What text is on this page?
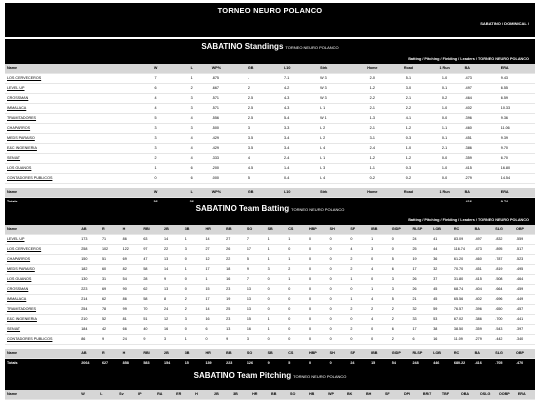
TORNEO NEURO POLANCO
SABATINO / DOMINICAL /
SABATINO Standings TORNEO NEURO POLANCO
Batting / Pitching / Fielding / Leaders / TORNEO NEURO POLANCO
Name	W	L	WP%	GB	L10	Strk	Home	Road	1 Run	BA	ERA
LOS CERVECEROS	7	1	.875	-	7-1	W 3	2-0	5-1	1-0	.473	9.43
LEVEL UP	6	2	.667	2	4-2	W 3	1-2	3-0	0-1	.497	6.55
CROSSMAN	4	3	.571	2.5	4-3	W 3	2-2	2-1	0-2	.464	6.59
IMMALACA	4	3	.571	2.5	4-3	L 1	2-1	2-2	1-0	.402	10.33
TRAMITADORES	5	4	.556	2.5	5-4	W 1	1-3	4-1	0-0	.396	9.36
CHAPARROS	3	3	.500	3	3-3	L 2	2-1	1-2	1-1	.460	11.06
MEDS PARAISO	3	4	.429	3.5	3-4	L 2	3-1	0-3	0-1	.451	9.39
E&C INGENIERIA	3	4	.429	3.5	3-4	L 4	2-4	1-0	2-1	.386	9.70
SENIAT	2	4	.333	4	2-4	L 1	1-2	1-2	0-0	.359	6.70
LOS GUANOS	1	6	.200	4.5	1-4	L 3	1-1	0-3	1-0	.415	16.80
CONTADORES PUBLICOS	0	6	.000	5	0-4	L 4	0-2	0-2	0-0	.279	14.54

Name	W	L	WP%	GB	L10	Strk	Home	Road	1 Run	BA	ERA

SABATINO Team Batting TORNEO NEURO POLANCO
Batting / Pitching / Fielding / Leaders / TORNEO NEURO POLANCO
Name	AB	R	H	RBI	2B	3B	HR	BB	SO	SB	CS	HBP	SH	SF	IBB	GIDP	RLSP	LOB	RC	BA	SLG	OBP
LEVEL UP	173	71	86	63	14	1	14	27	7	1	1	0	0	0	1	0	24	41	83.09	.497	.832	.559
LOS CERVECEROS	258	102	122	97	22	3	27	26	17	1	0	0	0	4	3	0	25	44	116.74	.473	.895	.517
CHAPARROS	150	51	69	47	13	0	12	22	5	1	1	0	0	2	0	5	19	36	61.20	.460	.787	.523
MEDS PARAISO	182	60	82	58	14	1	17	18	9	3	2	0	0	2	4	6	17	32	70.70	.451	.819	.495
LOS GUANOS	130	31	54	28	9	0	1	16	7	0	1	0	0	1	0	3	26	37	31.80	.415	.508	.464
CROSSMAN	223	69	90	62	13	0	15	23	13	0	0	0	0	0	1	3	26	45	68.74	.404	.664	.459
IMMALACA	214	62	86	58	8	2	17	19	13	0	0	0	0	1	4	5	21	45	65.56	.402	.696	.449
TRAMITADORES	254	78	99	70	24	2	14	25	13	0	0	0	0	2	2	2	32	59	76.57	.396	.650	.457
E&C INGENIERIA	210	52	81	51	12	3	16	23	15	1	0	0	0	0	4	2	33	53	67.02	.386	.700	.441
SENIAT	184	42	66	40	16	0	6	13	16	1	0	0	0	2	0	6	17	38	38.50	.359	.543	.397
CONTADORES PUBLICOS	86	9	24	9	3	1	0	9	3	0	0	0	0	0	0	2	6	16	11.09	.279	.442	.340

Name	AB	R	H	RBI	2B	3B	HR	BB	SO	SB	CS	HBP	SH	SF	IBB	GIDP	RLSP	LOB	RC	BA	SLG	OBP
Totals	2064	627	858	583	154	15	139	223	126	9	5	0	0	24	15	54	248	446	680.22	.416	.705	.470
SABATINO Team Pitching TORNEO NEURO POLANCO
Name	W	L	Sv	IP	RA	ER	H	2B	3B	HR	BB	SO	HB	WP	BK	BH	SF	DPI	BR/7	TBF	OBA	OSLG	OOBP	ERA
